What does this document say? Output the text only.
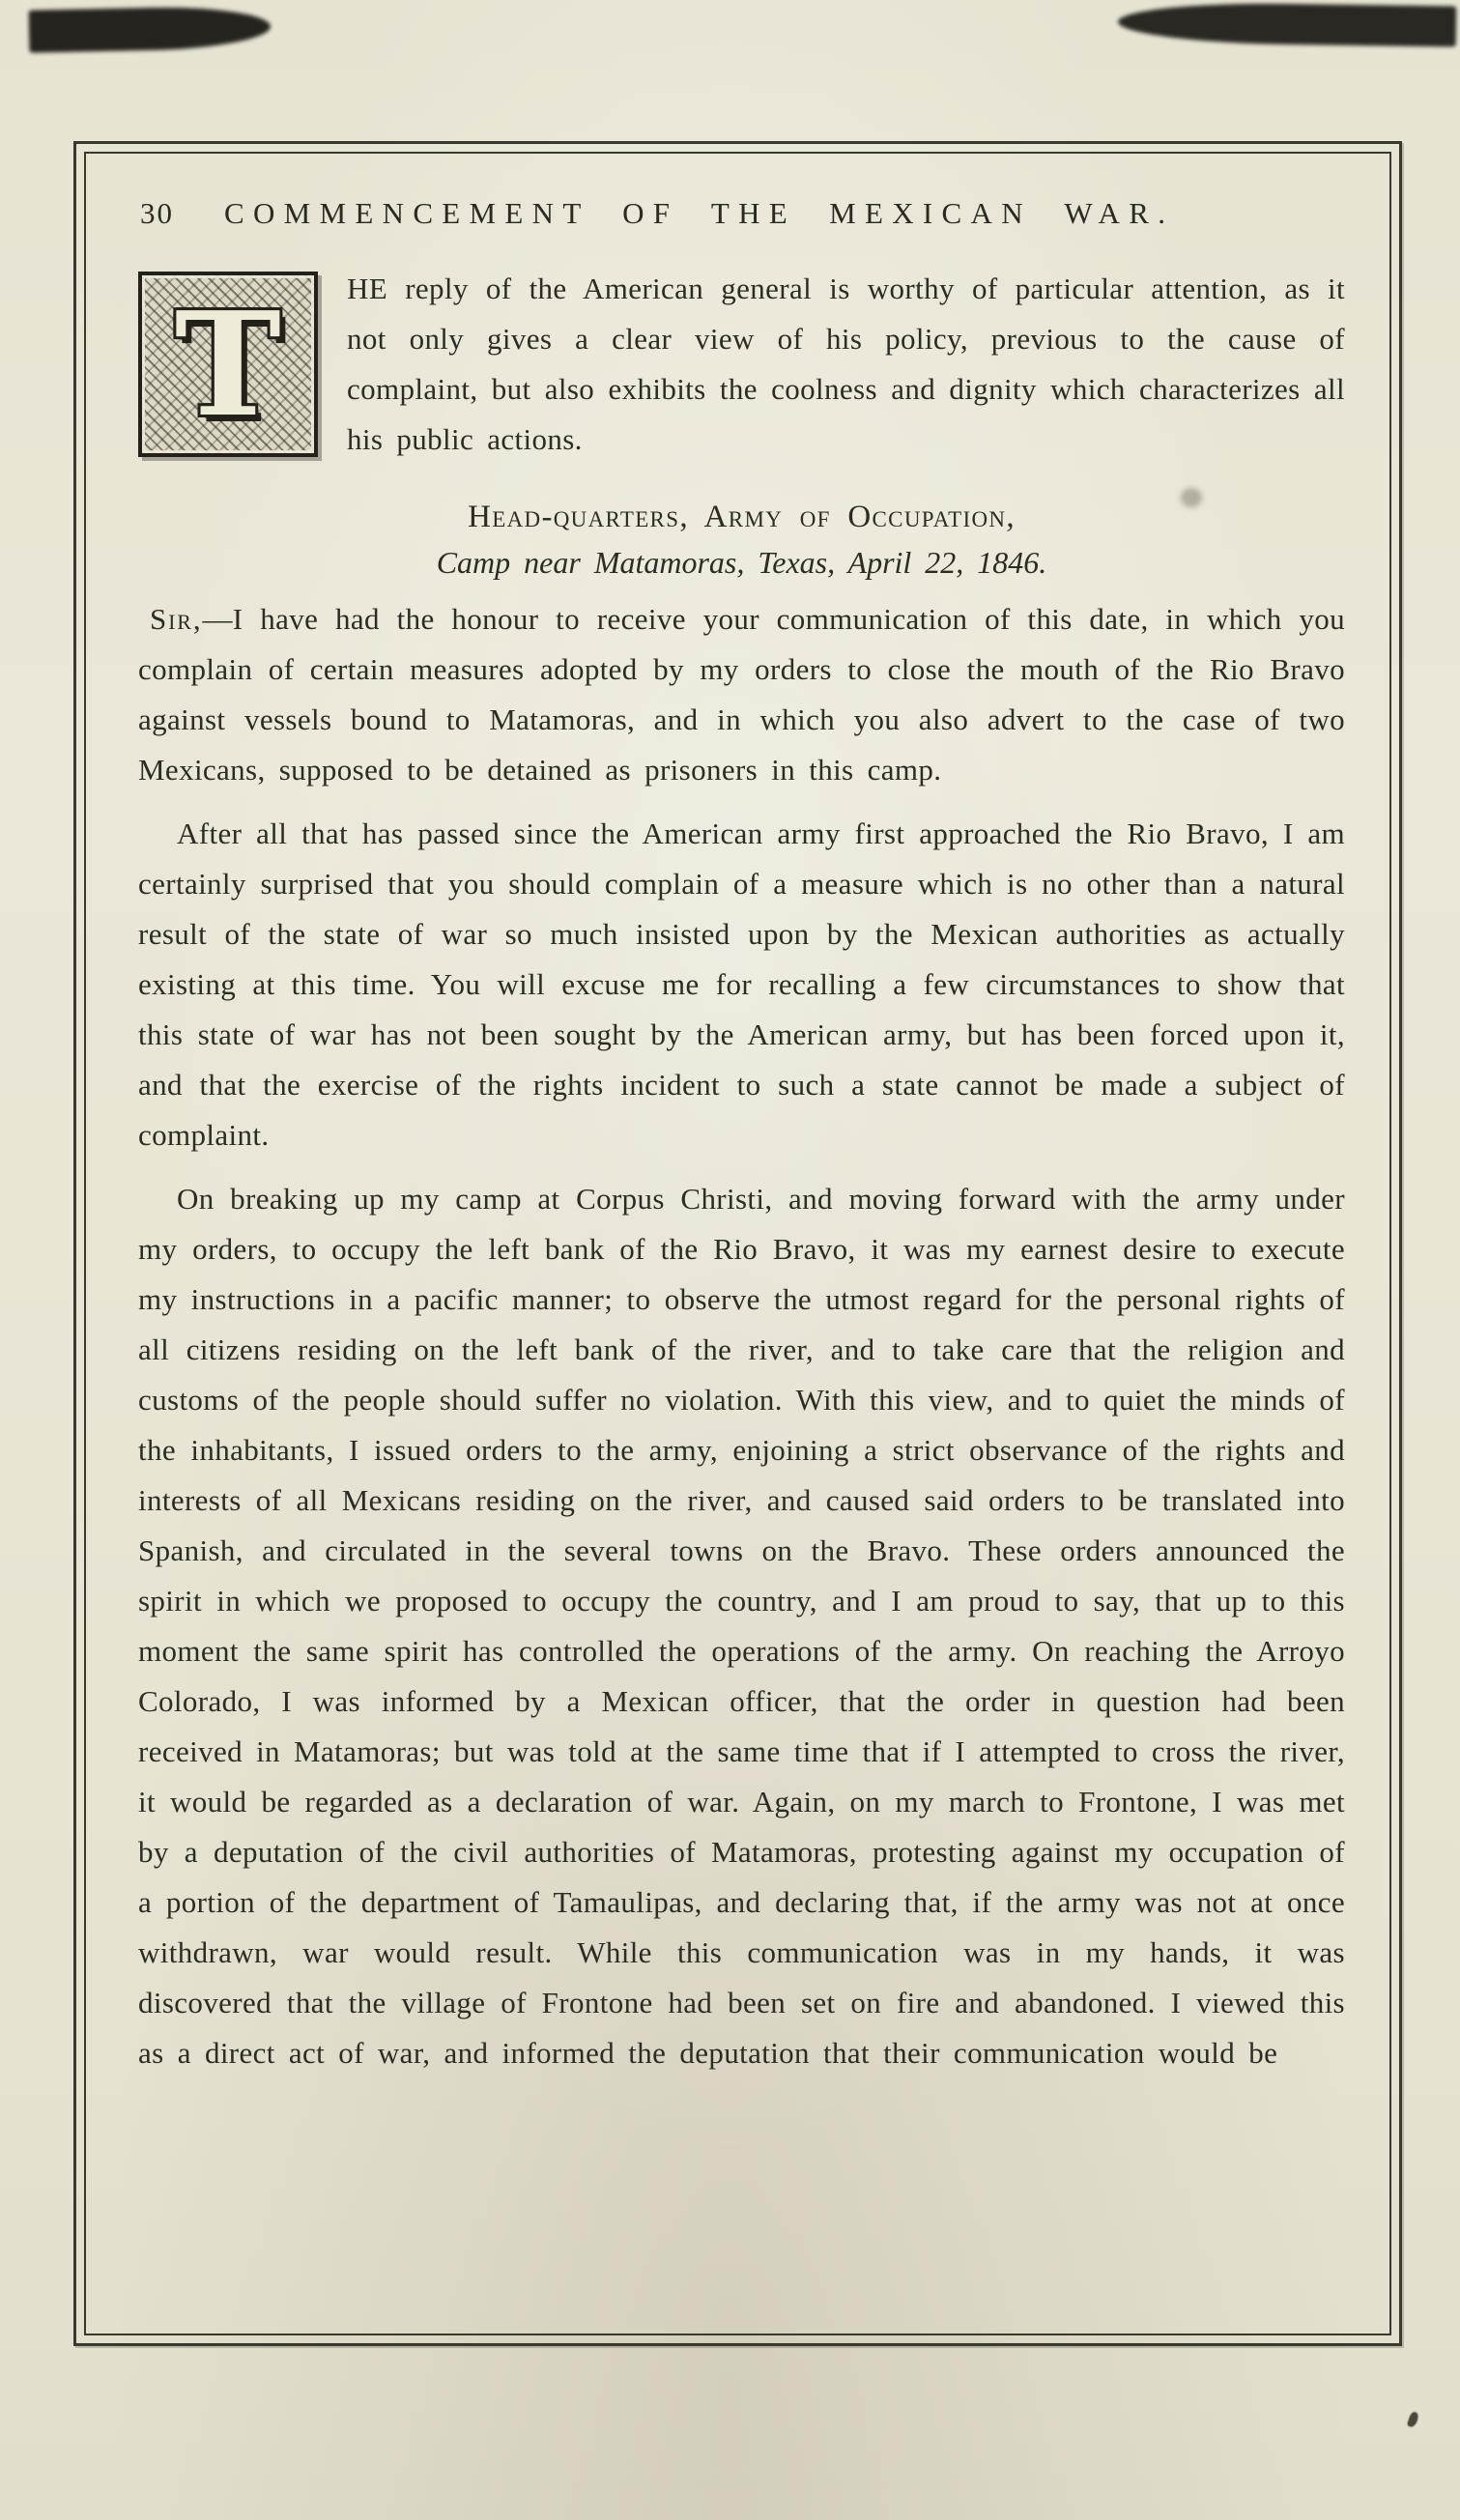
30 COMMENCEMENT OF THE MEXICAN WAR.

T HE reply of the American general is worthy of particular attention, as it not only gives a clear view of his policy, previous to the cause of complaint, but also exhibits the coolness and dignity which characterizes all his public actions.

Head-quarters, Army of Occupation,

Camp near Matamoras, Texas, April 22, 1846.

Sir,—I have had the honour to receive your communication of this date, in which you complain of certain measures adopted by my orders to close the mouth of the Rio Bravo against vessels bound to Matamoras, and in which you also advert to the case of two Mexicans, supposed to be detained as prisoners in this camp.

After all that has passed since the American army first approached the Rio Bravo, I am certainly surprised that you should complain of a measure which is no other than a natural result of the state of war so much insisted upon by the Mexican authorities as actually existing at this time. You will excuse me for recalling a few circumstances to show that this state of war has not been sought by the American army, but has been forced upon it, and that the exercise of the rights incident to such a state cannot be made a subject of complaint.

On breaking up my camp at Corpus Christi, and moving forward with the army under my orders, to occupy the left bank of the Rio Bravo, it was my earnest desire to execute my instructions in a pacific manner; to observe the utmost regard for the personal rights of all citizens residing on the left bank of the river, and to take care that the religion and customs of the people should suffer no violation. With this view, and to quiet the minds of the inhabitants, I issued orders to the army, enjoining a strict observance of the rights and interests of all Mexicans residing on the river, and caused said orders to be translated into Spanish, and circulated in the several towns on the Bravo. These orders announced the spirit in which we proposed to occupy the country, and I am proud to say, that up to this moment the same spirit has controlled the operations of the army. On reaching the Arroyo Colorado, I was informed by a Mexican officer, that the order in question had been received in Matamoras; but was told at the same time that if I attempted to cross the river, it would be regarded as a declaration of war. Again, on my march to Frontone, I was met by a deputation of the civil authorities of Matamoras, protesting against my occupation of a portion of the department of Tamaulipas, and declaring that, if the army was not at once withdrawn, war would result. While this communication was in my hands, it was discovered that the village of Frontone had been set on fire and abandoned. I viewed this as a direct act of war, and informed the deputation that their communication would be
